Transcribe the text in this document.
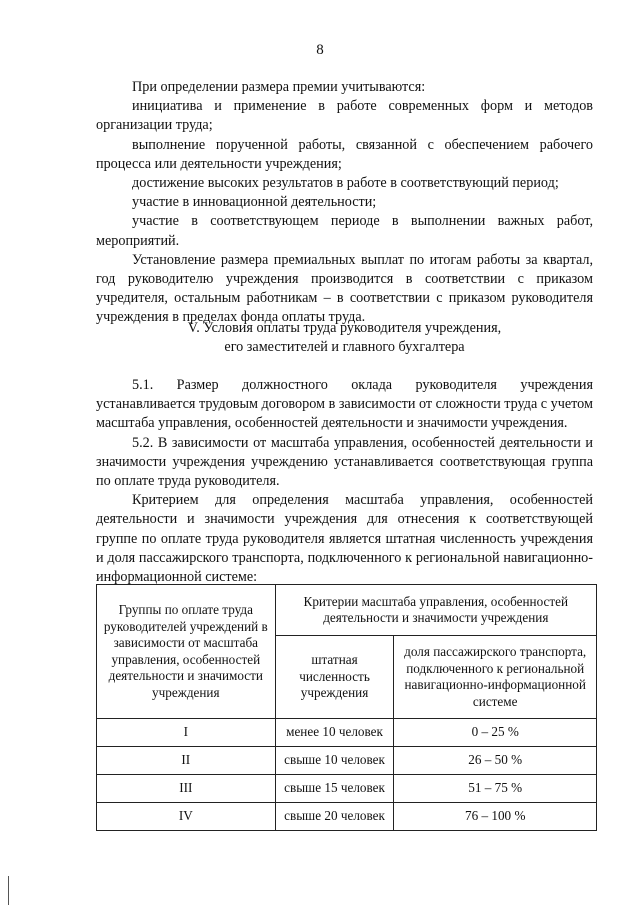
8

При определении размера премии учитываются:

инициатива и применение в работе современных форм и методов организации труда;

выполнение порученной работы, связанной с обеспечением рабочего процесса или деятельности учреждения;

достижение высоких результатов в работе в соответствующий период;

участие в инновационной деятельности;

участие в соответствующем периоде в выполнении важных работ, мероприятий.

Установление размера премиальных выплат по итогам работы за квартал, год руководителю учреждения производится в соответствии с приказом учредителя, остальным работникам – в соответствии с приказом руководителя учреждения в пределах фонда оплаты труда.

V. Условия оплаты труда руководителя учреждения,
его заместителей и главного бухгалтера

5.1. Размер должностного оклада руководителя учреждения устанавливается трудовым договором в зависимости от сложности труда с учетом масштаба управления, особенностей деятельности и значимости учреждения.

5.2. В зависимости от масштаба управления, особенностей деятельности и значимости учреждения учреждению устанавливается соответствующая группа по оплате труда руководителя.

Критерием для определения масштаба управления, особенностей деятельности и значимости учреждения для отнесения к соответствующей группе по оплате труда руководителя является штатная численность учреждения и доля пассажирского транспорта, подключенного к региональной навигационно-информационной системе:

Группы по оплате труда руководителей учреждений в зависимости от масштаба управления, особенностей деятельности и значимости учреждения	Критерии масштаба управления, особенностей деятельности и значимости учреждения	
	штатная численность учреждения	доля пассажирского транспорта, подключенного к региональной навигационно-информационной системе
I	менее 10 человек	0 – 25 %
II	свыше 10 человек	26 – 50 %
III	свыше 15 человек	51 – 75 %
IV	свыше 20 человек	76 – 100 %
